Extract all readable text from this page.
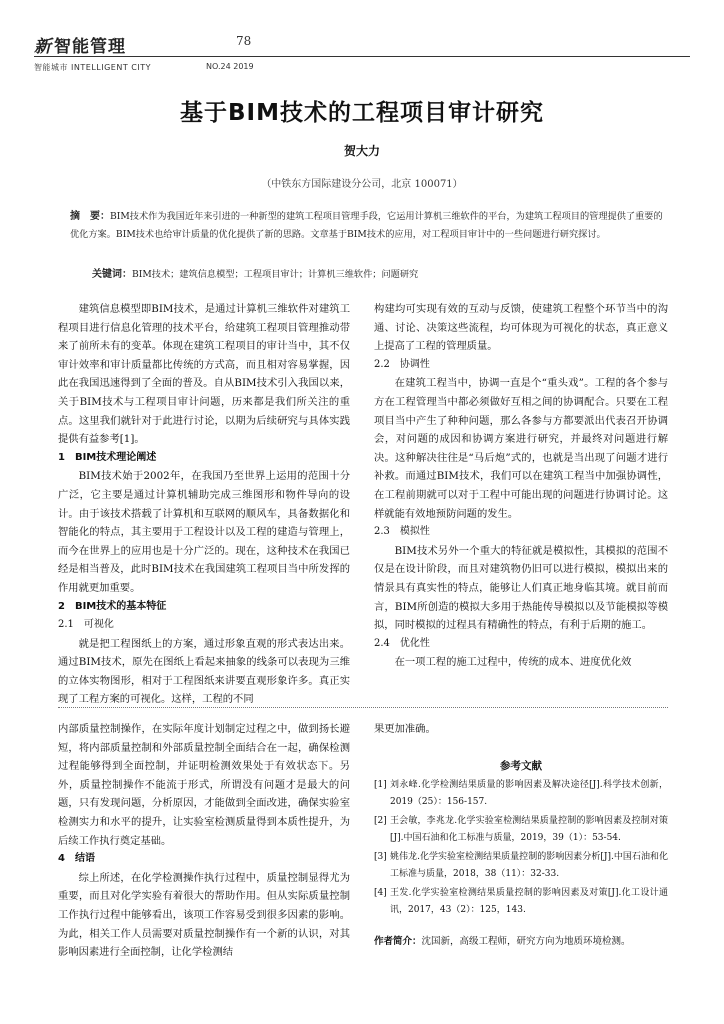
新 智能管理	78
智能城市 INTELLIGENT CITY	NO.24 2019
基于BIM技术的工程项目审计研究
贺大力
（中铁东方国际建设分公司，北京 100071）
摘　要：BIM技术作为我国近年来引进的一种新型的建筑工程项目管理手段，它运用计算机三维软件的平台，为建筑工程项目的管理提供了重要的优化方案。BIM技术也给审计质量的优化提供了新的思路。文章基于BIM技术的应用，对工程项目审计中的一些问题进行研究探讨。
关键词：BIM技术；建筑信息模型；工程项目审计；计算机三维软件；问题研究

建筑信息模型即BIM技术，是通过计算机三维软件对建筑工程项目进行信息化管理的技术平台，给建筑工程项目管理推动带来了前所未有的变革。体现在建筑工程项目的审计当中，其不仅审计效率和审计质量都比传统的方式高，而且相对容易掌握，因此在我国迅速得到了全面的普及。自从BIM技术引入我国以来，关于BIM技术与工程项目审计问题，历来都是我们所关注的重点。这里我们就针对于此进行讨论，以期为后续研究与具体实践提供有益参考[1]。

1　BIM技术理论阐述

BIM技术始于2002年，在我国乃至世界上运用的范围十分广泛，它主要是通过计算机辅助完成三维图形和物件导向的设计。由于该技术搭载了计算机和互联网的顺风车，具备数据化和智能化的特点，其主要用于工程设计以及工程的建造与管理上，而今在世界上的应用也是十分广泛的。现在，这种技术在我国已经是相当普及，此时BIM技术在我国建筑工程项目当中所发挥的作用就更加重要。

2　BIM技术的基本特征

2.1　可视化

就是把工程图纸上的方案，通过形象直观的形式表达出来。通过BIM技术，原先在图纸上看起来抽象的线条可以表现为三维的立体实物图形，相对于工程图纸来讲要直观形象许多。真正实现了工程方案的可视化。这样，工程的不同

构建均可实现有效的互动与反馈，使建筑工程整个环节当中的沟通、讨论、决策这些流程，均可体现为可视化的状态，真正意义上提高了工程的管理质量。

2.2　协调性

在建筑工程当中，协调一直是个“重头戏”。工程的各个参与方在工程管理当中都必须做好互相之间的协调配合。只要在工程项目当中产生了种种问题，那么各参与方都要派出代表召开协调会，对问题的成因和协调方案进行研究，并最终对问题进行解决。这种解决往往是“马后炮”式的，也就是当出现了问题才进行补救。而通过BIM技术，我们可以在建筑工程当中加强协调性，在工程前期就可以对于工程中可能出现的问题进行协调讨论。这样就能有效地预防问题的发生。

2.3　模拟性

BIM技术另外一个重大的特征就是模拟性，其模拟的范围不仅是在设计阶段，而且对建筑物仍旧可以进行模拟，模拟出来的情景具有真实性的特点，能够让人们真正地身临其境。就目前而言，BIM所创造的模拟大多用于热能传导模拟以及节能模拟等模拟，同时模拟的过程具有精确性的特点，有利于后期的施工。

2.4　优化性

在一项工程的施工过程中，传统的成本、进度优化效

内部质量控制操作，在实际年度计划制定过程之中，做到扬长避短，将内部质量控制和外部质量控制全面结合在一起，确保检测过程能够得到全面控制，并证明检测效果处于有效状态下。另外，质量控制操作不能流于形式，所谓没有问题才是最大的问题，只有发现问题，分析原因，才能做到全面改进，确保实验室检测实力和水平的提升，让实验室检测质量得到本质性提升，为后续工作执行奠定基础。

4　结语

综上所述，在化学检测操作执行过程中，质量控制显得尤为重要，而且对化学实验有着很大的帮助作用。但从实际质量控制工作执行过程中能够看出，该项工作容易受到很多因素的影响。为此，相关工作人员需要对质量控制操作有一个新的认识，对其影响因素进行全面控制，让化学检测结

果更加准确。

参考文献

[1] 刘永峰.化学检测结果质量的影响因素及解决途径[J].科学技术创新，2019（25）：156-157.

[2] 王会敏，李兆龙.化学实验室检测结果质量控制的影响因素及控制对策[J].中国石油和化工标准与质量，2019，39（1）：53-54.

[3] 姚伟龙.化学实验室检测结果质量控制的影响因素分析[J].中国石油和化工标准与质量，2018，38（11）：32-33.

[4] 王发.化学实验室检测结果质量控制的影响因素及对策[J].化工设计通讯，2017，43（2）：125，143.

作者简介：沈国新，高级工程师，研究方向为地质环境检测。
